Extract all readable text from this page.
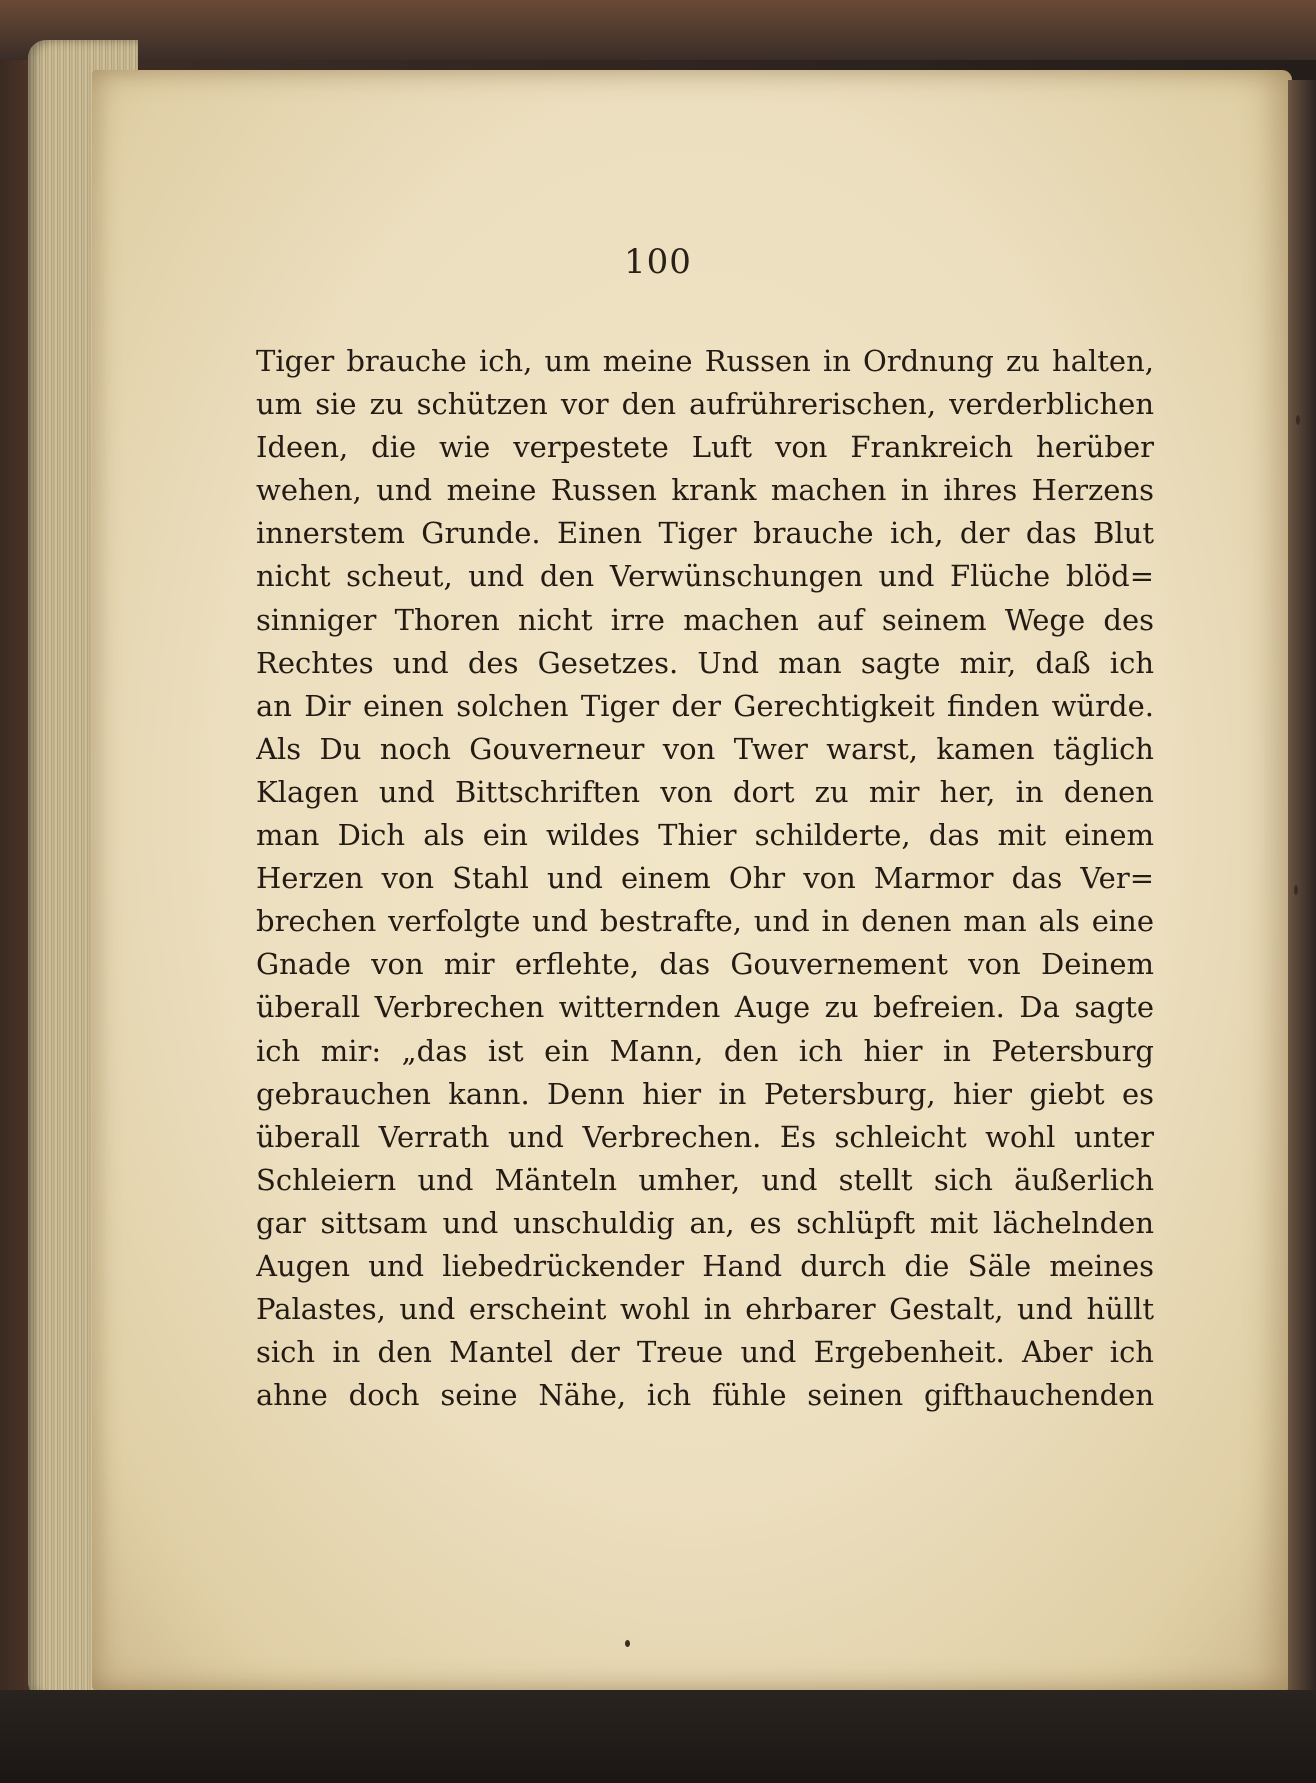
100
Tiger brauche ich, um meine Russen in Ordnung zu halten,
um sie zu schützen vor den aufrührerischen, verderblichen
Ideen, die wie verpestete Luft von Frankreich herüber
wehen, und meine Russen krank machen in ihres Herzens
innerstem Grunde. Einen Tiger brauche ich, der das Blut
nicht scheut, und den Verwünschungen und Flüche blöd=
sinniger Thoren nicht irre machen auf seinem Wege des
Rechtes und des Gesetzes. Und man sagte mir, daß ich
an Dir einen solchen Tiger der Gerechtigkeit finden würde.
Als Du noch Gouverneur von Twer warst, kamen täglich
Klagen und Bittschriften von dort zu mir her, in denen
man Dich als ein wildes Thier schilderte, das mit einem
Herzen von Stahl und einem Ohr von Marmor das Ver=
brechen verfolgte und bestrafte, und in denen man als eine
Gnade von mir erflehte, das Gouvernement von Deinem
überall Verbrechen witternden Auge zu befreien. Da sagte
ich mir: „das ist ein Mann, den ich hier in Petersburg
gebrauchen kann. Denn hier in Petersburg, hier giebt es
überall Verrath und Verbrechen. Es schleicht wohl unter
Schleiern und Mänteln umher, und stellt sich äußerlich
gar sittsam und unschuldig an, es schlüpft mit lächelnden
Augen und liebedrückender Hand durch die Säle meines
Palastes, und erscheint wohl in ehrbarer Gestalt, und hüllt
sich in den Mantel der Treue und Ergebenheit. Aber ich
ahne doch seine Nähe, ich fühle seinen gifthauchenden
